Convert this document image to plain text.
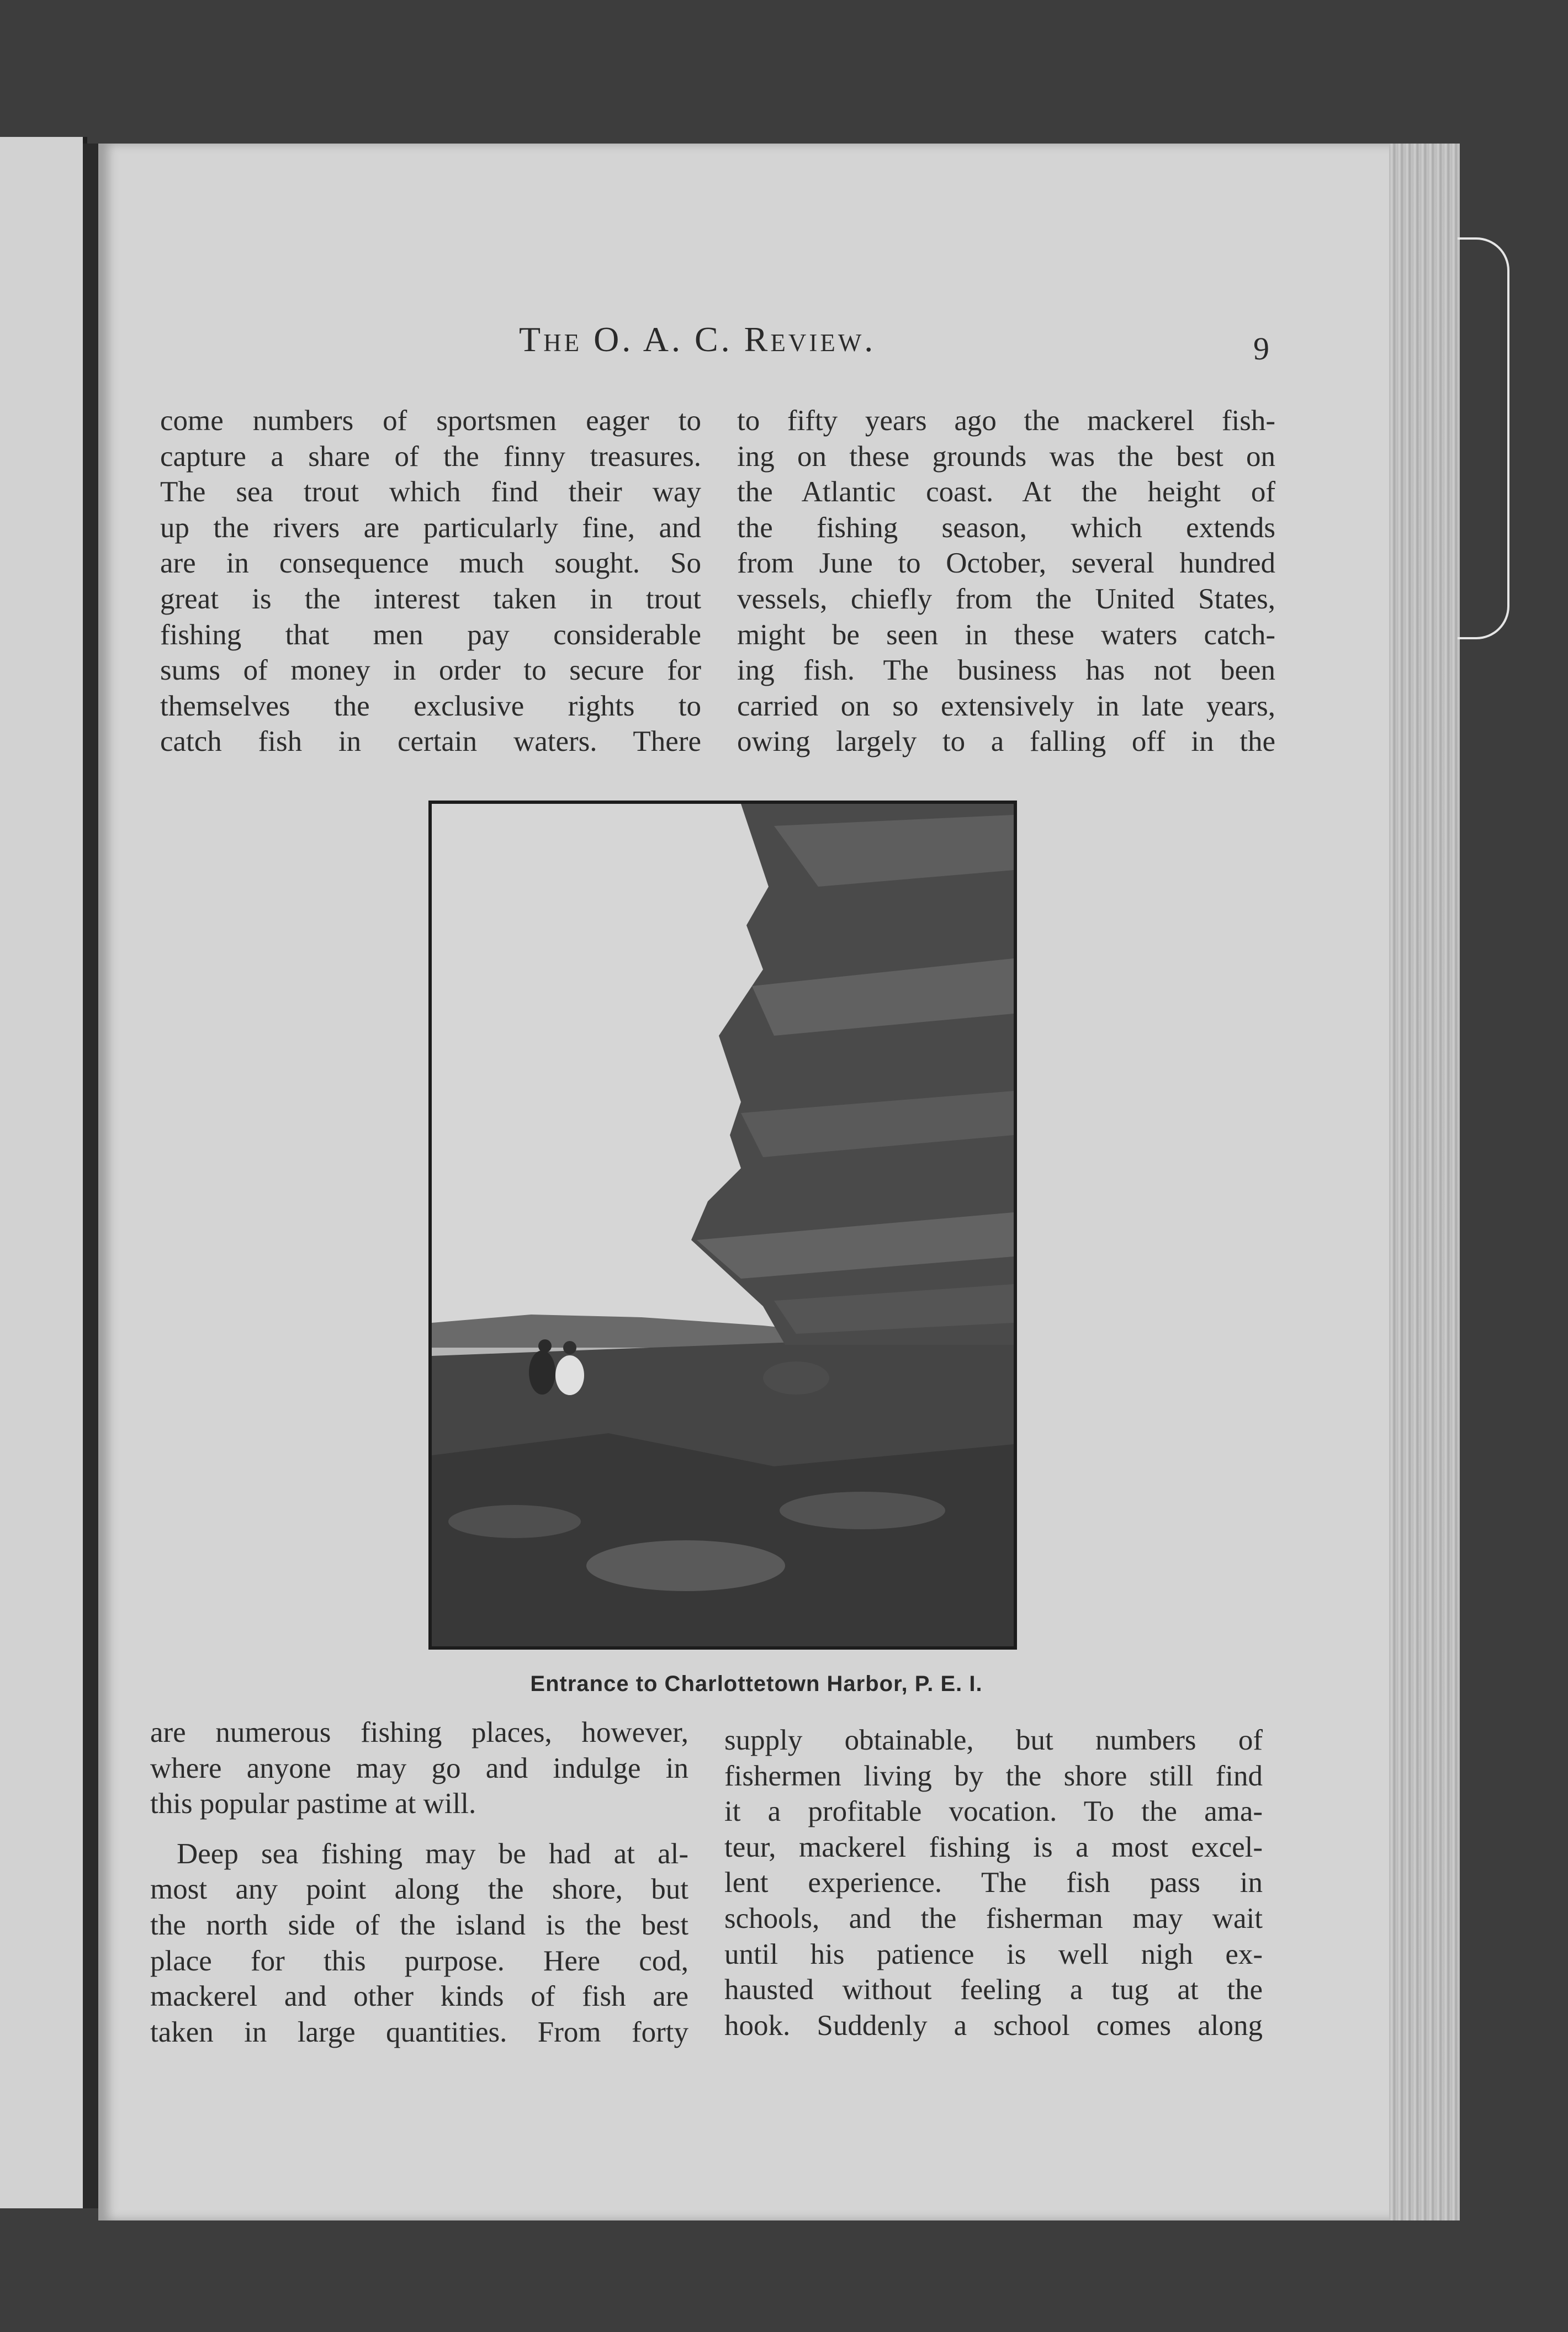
The O. A. C. Review.	9
come numbers of sportsmen eager to
capture a share of the finny treasures.
The sea trout which find their way
up the rivers are particularly fine, and
are in consequence much sought. So
great is the interest taken in trout
fishing that men pay considerable
sums of money in order to secure for
themselves the exclusive rights to
catch fish in certain waters. There
to fifty years ago the mackerel fish-
ing on these grounds was the best on
the Atlantic coast. At the height of
the fishing season, which extends
from June to October, several hundred
vessels, chiefly from the United States,
might be seen in these waters catch-
ing fish. The business has not been
carried on so extensively in late years,
owing largely to a falling off in the
Entrance to Charlottetown Harbor, P. E. I.
are numerous fishing places, however,
where anyone may go and indulge in
this popular pastime at will.
Deep sea fishing may be had at al-
most any point along the shore, but
the north side of the island is the best
place for this purpose. Here cod,
mackerel and other kinds of fish are
taken in large quantities. From forty
supply obtainable, but numbers of
fishermen living by the shore still find
it a profitable vocation. To the ama-
teur, mackerel fishing is a most excel-
lent experience. The fish pass in
schools, and the fisherman may wait
until his patience is well nigh ex-
hausted without feeling a tug at the
hook. Suddenly a school comes along
